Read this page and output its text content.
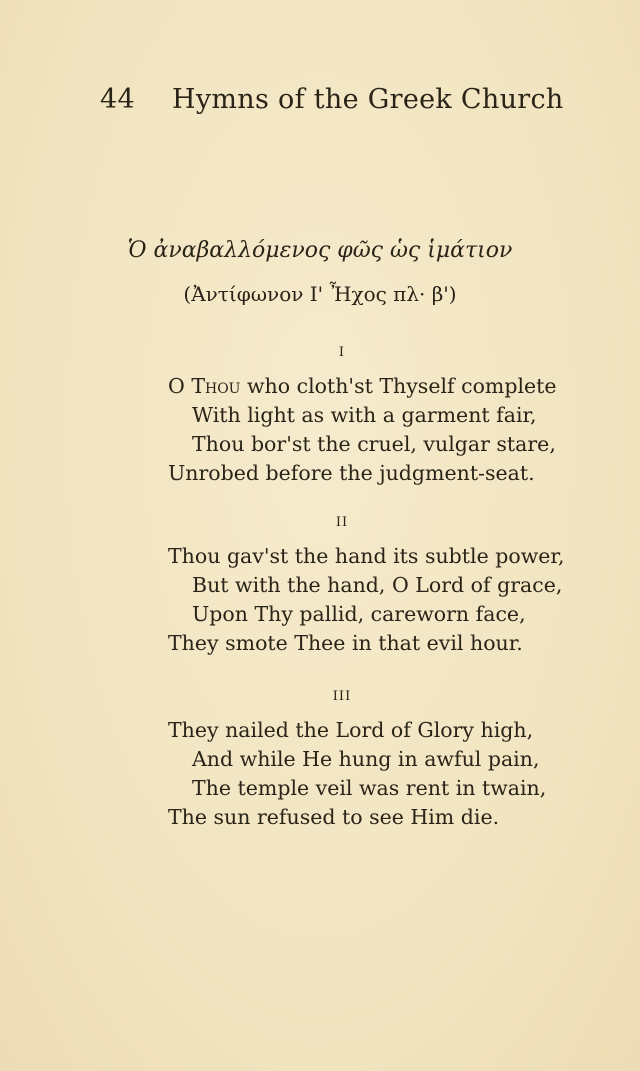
44 Hymns of the Greek Church
Ὁ ἀναβαλλόμενος φῶς ὡς ἱμάτιον
(Ἀντίφωνον Ι' Ἦχος πλ· β')
I
O Thou who cloth'st Thyself complete
With light as with a garment fair,
Thou bor'st the cruel, vulgar stare,
Unrobed before the judgment-seat.
II
Thou gav'st the hand its subtle power,
But with the hand, O Lord of grace,
Upon Thy pallid, careworn face,
They smote Thee in that evil hour.
III
They nailed the Lord of Glory high,
And while He hung in awful pain,
The temple veil was rent in twain,
The sun refused to see Him die.
